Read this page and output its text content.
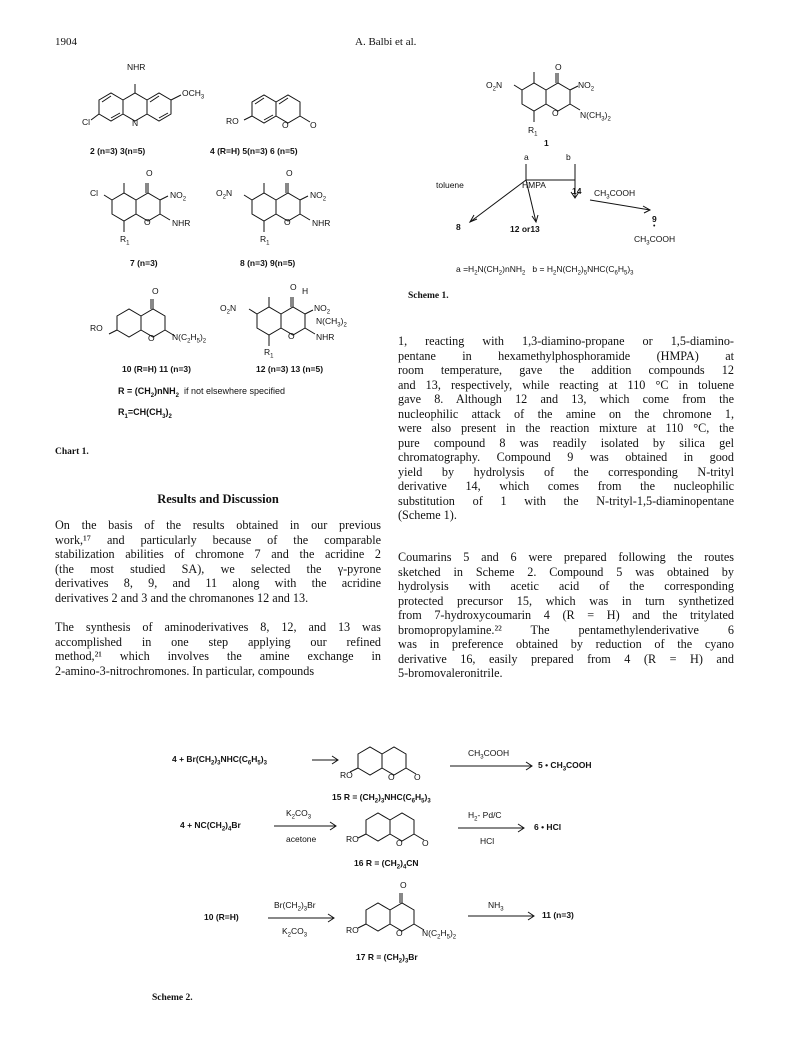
1904	A. Balbi et al.
NHR
$OCH_3$
Cl	N
2 (n=3) 3(n=5)
RO	O	O
4 (R=H) 5(n=3) 6 (n=5)
O
Cl	$NO_2$
O	NHR
$R_1$
7 (n=3)
O
$O_2N$	$NO_2$
O	NHR
$R_1$
8 (n=3) 9(n=5)
O
RO
O $N(C_2H_5)_2$
10 (R=H) 11 (n=3)
O H
$O_2N$	$NO_2$
$N(CH_3)_2$
O	NHR
$R_1$
12 (n=3) 13 (n=5)
$R = (CH_2)nNH_2$ if not elsewhere specified
$R_1=CH(CH_3)_2$
Chart 1.
O
$O_2N$	$NO_2$
O	$N(CH_3)_2$
$R_1$
1
a	b
toluene	HMPA
14 $CH_3COOH$
8	12 or13
9
•
$CH_3COOH$
$a =H_2N(CH_2)nNH_2$ $b = H_2N(CH_2)_5NHC(C_6H_5)_3$
Scheme 1.
1, reacting with 1,3-diamino-propane or 1,5-diamino-
pentane in hexamethylphosphoramide (HMPA) at
room temperature, gave the addition compounds 12
and 13, respectively, while reacting at 110 °C in toluene
gave 8. Although 12 and 13, which come from the
nucleophilic attack of the amine on the chromone 1,
were also present in the reaction mixture at 110 °C, the
pure compound 8 was readily isolated by silica gel
chromatography. Compound 9 was obtained in good
yield by hydrolysis of the corresponding N-trityl
derivative 14, which comes from the nucleophilic
substitution of 1 with the N-trityl-1,5-diaminopentane
(Scheme 1).
Coumarins 5 and 6 were prepared following the routes
sketched in Scheme 2. Compound 5 was obtained by
hydrolysis with acetic acid of the corresponding
protected precursor 15, which was in turn synthetized
from 7-hydroxycoumarin 4 (R = H) and the tritylated
bromopropylamine.²² The pentamethylenderivative 6
was in preference obtained by reduction of the cyano
derivative 16, easily prepared from 4 (R = H) and
5-bromovaleronitrile.
Results and Discussion
On the basis of the results obtained in our previous
work,¹⁷ and particularly because of the comparable
stabilization abilities of chromone 7 and the acridine 2
(the most studied SA), we selected the γ-pyrone
derivatives 8, 9, and 11 along with the acridine
derivatives 2 and 3 and the chromanones 12 and 13.
The synthesis of aminoderivatives 8, 12, and 13 was
accomplished in one step applying our refined
method,²¹ which involves the amine exchange in
2-amino-3-nitrochromones. In particular, compounds
$4 + Br(CH_2)_3NHC(C_6H_5)_3$
RO	O O
$CH_3COOH$
5 • $CH_3COOH$
15 $R = (CH_2)_3NHC(C_6H_5)_3$
$4 + NC(CH_2)_4Br$
$K_2CO_3$
acetone	RO	O O
$H_2-$ Pd/C
HCl
6 • HCl
16 $R = (CH_2)_4CN$
10 (R=H)
$Br(CH_2)_3Br$
$K_2CO_3$
O
RO	O $N(C_2H_5)_2$
$NH_3$
11 (n=3)
17 $R = (CH_2)_3Br$
Scheme 2.
